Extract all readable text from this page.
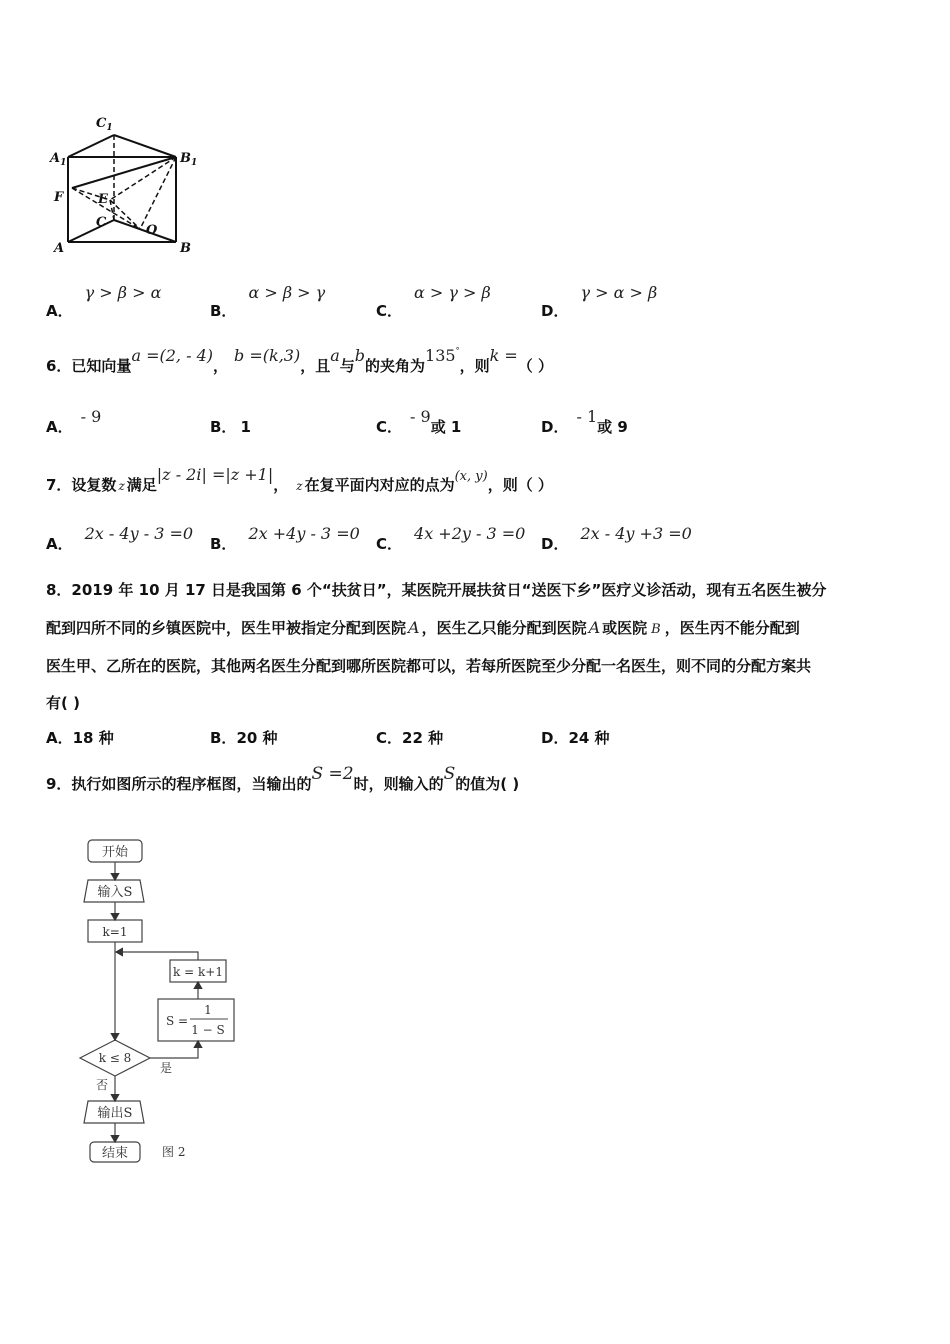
$C_1$
$A_1$	$B_1$
F	E
C
O
A	B
A．γ > β > α
B．α > β > γ
C．α > γ > β
D．γ > α > β
6．已知向量a =(2, - 4)，b =(k,3)，且a与b的夹角为135°，则k =（ ）
A．- 9
B． 1	C．- 9或 1	D．- 1或 9
7．设复数 z 满足|z - 2i| =|z +1|， z 在复平面内对应的点为(x, y)，则（ ）
A．2x - 4y - 3 =0
B．2x +4y - 3 =0
C．4x +2y - 3 =0
D．2x - 4y +3 =0
8．2019 年 10 月 17 日是我国第 6 个“扶贫日”，某医院开展扶贫日“送医下乡”医疗义诊活动，现有五名医生被分
配到四所不同的乡镇医院中，医生甲被指定分配到医院 A ，医生乙只能分配到医院 A 或医院 B ，医生丙不能分配到
医生甲、乙所在的医院，其他两名医生分配到哪所医院都可以，若每所医院至少分配一名医生，则不同的分配方案共
有( )
A．18 种	B．20 种	C．22 种	D．24 种
9．执行如图所示的程序框图，当输出的S =2时，则输入的S的值为( )
开始
输入S
k=1
k = k+1
S =
1
1 − S
k ≤ 8
是
否
输出S
结束	图 2
